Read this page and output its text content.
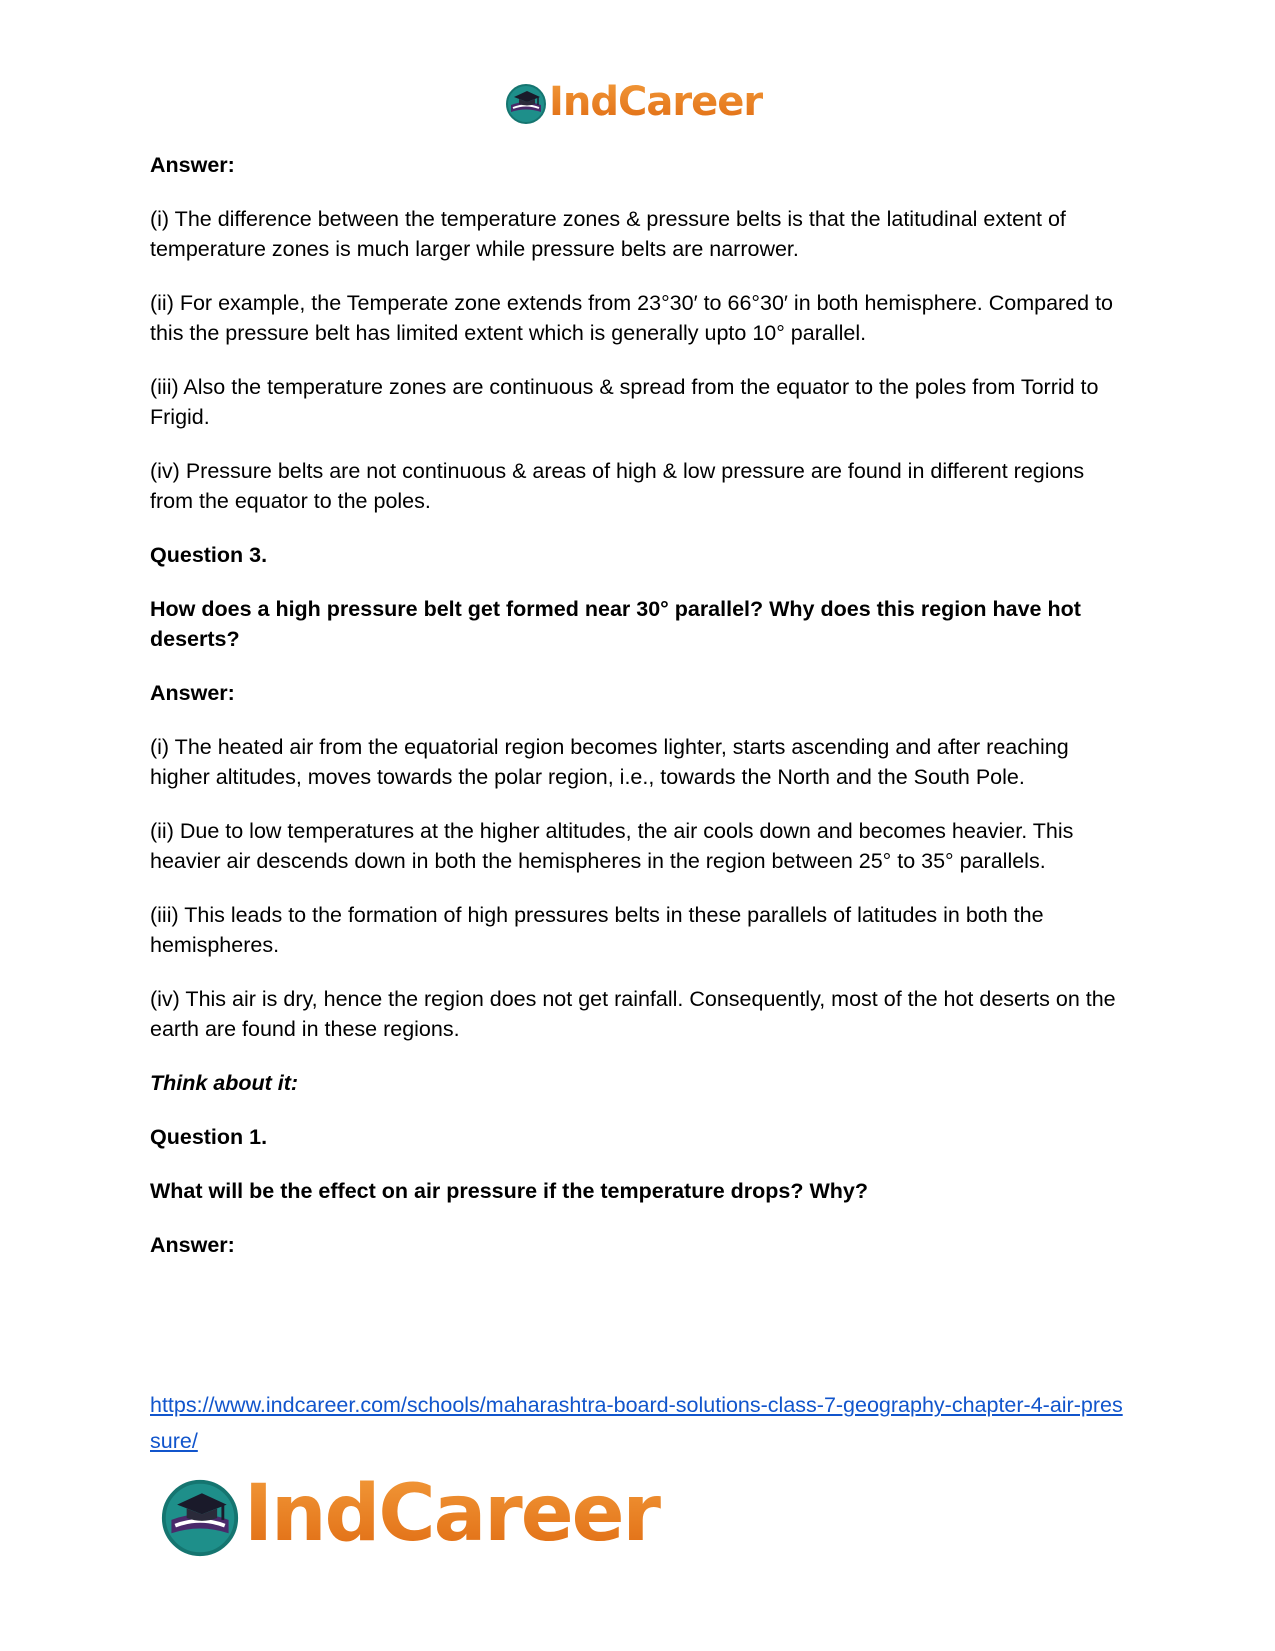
IndCareer

Answer:

(i) The difference between the temperature zones & pressure belts is that the latitudinal extent of temperature zones is much larger while pressure belts are narrower.

(ii) For example, the Temperate zone extends from 23°30′ to 66°30′ in both hemisphere. Compared to this the pressure belt has limited extent which is generally upto 10° parallel.

(iii) Also the temperature zones are continuous & spread from the equator to the poles from Torrid to Frigid.

(iv) Pressure belts are not continuous & areas of high & low pressure are found in different regions from the equator to the poles.

Question 3.

How does a high pressure belt get formed near 30° parallel? Why does this region have hot deserts?

Answer:

(i) The heated air from the equatorial region becomes lighter, starts ascending and after reaching higher altitudes, moves towards the polar region, i.e., towards the North and the South Pole.

(ii) Due to low temperatures at the higher altitudes, the air cools down and becomes heavier. This heavier air descends down in both the hemispheres in the region between 25° to 35° parallels.

(iii) This leads to the formation of high pressures belts in these parallels of latitudes in both the hemispheres.

(iv) This air is dry, hence the region does not get rainfall. Consequently, most of the hot deserts on the earth are found in these regions.

Think about it:

Question 1.

What will be the effect on air pressure if the temperature drops? Why?

Answer:

https://www.indcareer.com/schools/maharashtra-board-solutions-class-7-geography-chapter-4-air-pressure/
IndCareer
